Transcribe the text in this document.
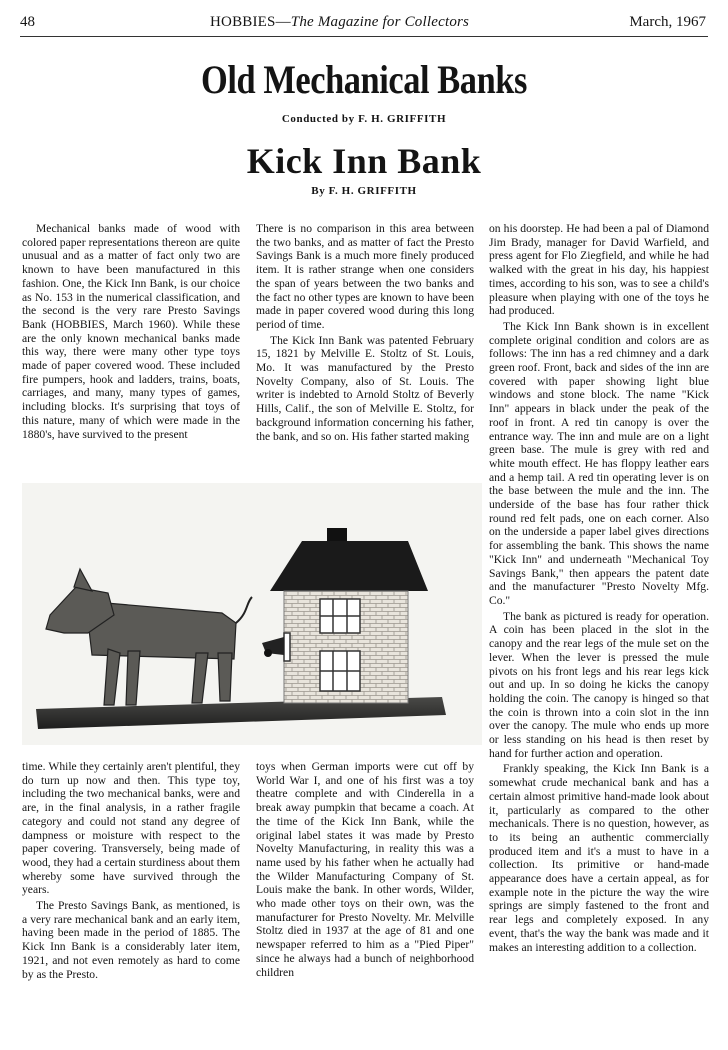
48	HOBBIES—The Magazine for Collectors	March, 1967
Old Mechanical Banks
Conducted by F. H. GRIFFITH
Kick Inn Bank
By F. H. GRIFFITH

Mechanical banks made of wood with colored paper representations thereon are quite unusual and as a matter of fact only two are known to have been manufactured in this fashion. One, the Kick Inn Bank, is our choice as No. 153 in the numerical classification, and the second is the very rare Presto Savings Bank (HOBBIES, March 1960). While these are the only known mechanical banks made this way, there were many other type toys made of paper covered wood. These included fire pumpers, hook and ladders, trains, boats, carriages, and many, many types of games, including blocks. It's surprising that toys of this nature, many of which were made in the 1880's, have survived to the present

There is no comparison in this area between the two banks, and as matter of fact the Presto Savings Bank is a much more finely produced item. It is rather strange when one considers the span of years between the two banks and the fact no other types are known to have been made in paper covered wood during this long period of time.

The Kick Inn Bank was patented February 15, 1821 by Melville E. Stoltz of St. Louis, Mo. It was manufactured by the Presto Novelty Company, also of St. Louis. The writer is indebted to Arnold Stoltz of Beverly Hills, Calif., the son of Melville E. Stoltz, for background information concerning his father, the bank, and so on. His father started making

on his doorstep. He had been a pal of Diamond Jim Brady, manager for David Warfield, and press agent for Flo Ziegfield, and while he had walked with the great in his day, his happiest times, according to his son, was to see a child's pleasure when playing with one of the toys he had produced.

The Kick Inn Bank shown is in excellent complete original condition and colors are as follows: The inn has a red chimney and a dark green roof. Front, back and sides of the inn are covered with paper showing light blue windows and stone block. The name "Kick Inn" appears in black under the peak of the roof in front. A red tin canopy is over the entrance way. The inn and mule are on a light green base. The mule is grey with red and white mouth effect. He has floppy leather ears and a hemp tail. A red tin operating lever is on the base between the mule and the inn. The underside of the base has four rather thick round red felt pads, one on each corner. Also on the underside a paper label gives directions for assembling the bank. This shows the name "Kick Inn" and underneath "Mechanical Toy Savings Bank," then appears the patent date and the manufacturer "Presto Novelty Mfg. Co."

The bank as pictured is ready for operation. A coin has been placed in the slot in the canopy and the rear legs of the mule set on the lever. When the lever is pressed the mule pivots on his front legs and his rear legs kick out and up. In so doing he kicks the canopy holding the coin. The canopy is hinged so that the coin is thrown into a coin slot in the inn over the canopy. The mule who ends up more or less standing on his head is then reset by hand for further action and operation.

Frankly speaking, the Kick Inn Bank is a somewhat crude mechanical bank and has a certain almost primitive hand-made look about it, particularly as compared to the other mechanicals. There is no question, however, as to its being an authentic commercially produced item and it's a must to have in a collection. Its primitive or hand-made appearance does have a certain appeal, as for example note in the picture the way the wire springs are simply fastened to the front and rear legs and completely exposed. In any event, that's the way the bank was made and it makes an interesting addition to a collection.

time. While they certainly aren't plentiful, they do turn up now and then. This type toy, including the two mechanical banks, were and are, in the final analysis, in a rather fragile category and could not stand any degree of dampness or moisture with respect to the paper covering. Transversely, being made of wood, they had a certain sturdiness about them whereby some have survived through the years.

The Presto Savings Bank, as mentioned, is a very rare mechanical bank and an early item, having been made in the period of 1885. The Kick Inn Bank is a considerably later item, 1921, and not even remotely as hard to come by as the Presto.

toys when German imports were cut off by World War I, and one of his first was a toy theatre complete and with Cinderella in a break away pumpkin that became a coach. At the time of the Kick Inn Bank, while the original label states it was made by Presto Novelty Manufacturing, in reality this was a name used by his father when he actually had the Wilder Manufacturing Company of St. Louis make the bank. In other words, Wilder, who made other toys on their own, was the manufacturer for Presto Novelty. Mr. Melville Stoltz died in 1937 at the age of 81 and one newspaper referred to him as a "Pied Piper" since he always had a bunch of neighborhood children
